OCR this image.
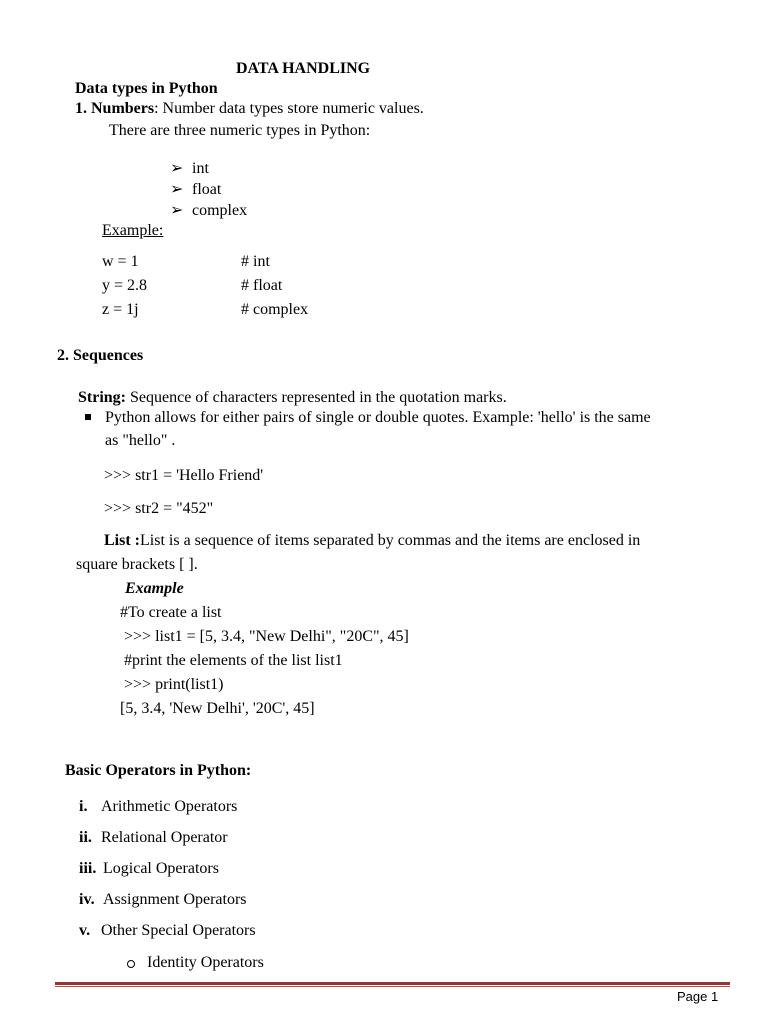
DATA HANDLING
Data types in Python
1. Numbers: Number data types store numeric values.
There are three numeric types in Python:
➢ int
➢ float
➢ complex
Example:
w = 1	# int
y = 2.8	# float
z = 1j	# complex
2. Sequences
String: Sequence of characters represented in the quotation marks.
Python allows for either pairs of single or double quotes. Example: 'hello' is the same
as "hello" .
>>> str1 = 'Hello Friend'
>>> str2 = "452"
List :List is a sequence of items separated by commas and the items are enclosed in
square brackets [ ].
Example
#To create a list
>>> list1 = [5, 3.4, "New Delhi", "20C", 45]
#print the elements of the list list1
>>> print(list1)
[5, 3.4, 'New Delhi', '20C', 45]
Basic Operators in Python:
i. Arithmetic Operators
ii. Relational Operator
iii. Logical Operators
iv. Assignment Operators
v. Other Special Operators
Identity Operators
Page 1
